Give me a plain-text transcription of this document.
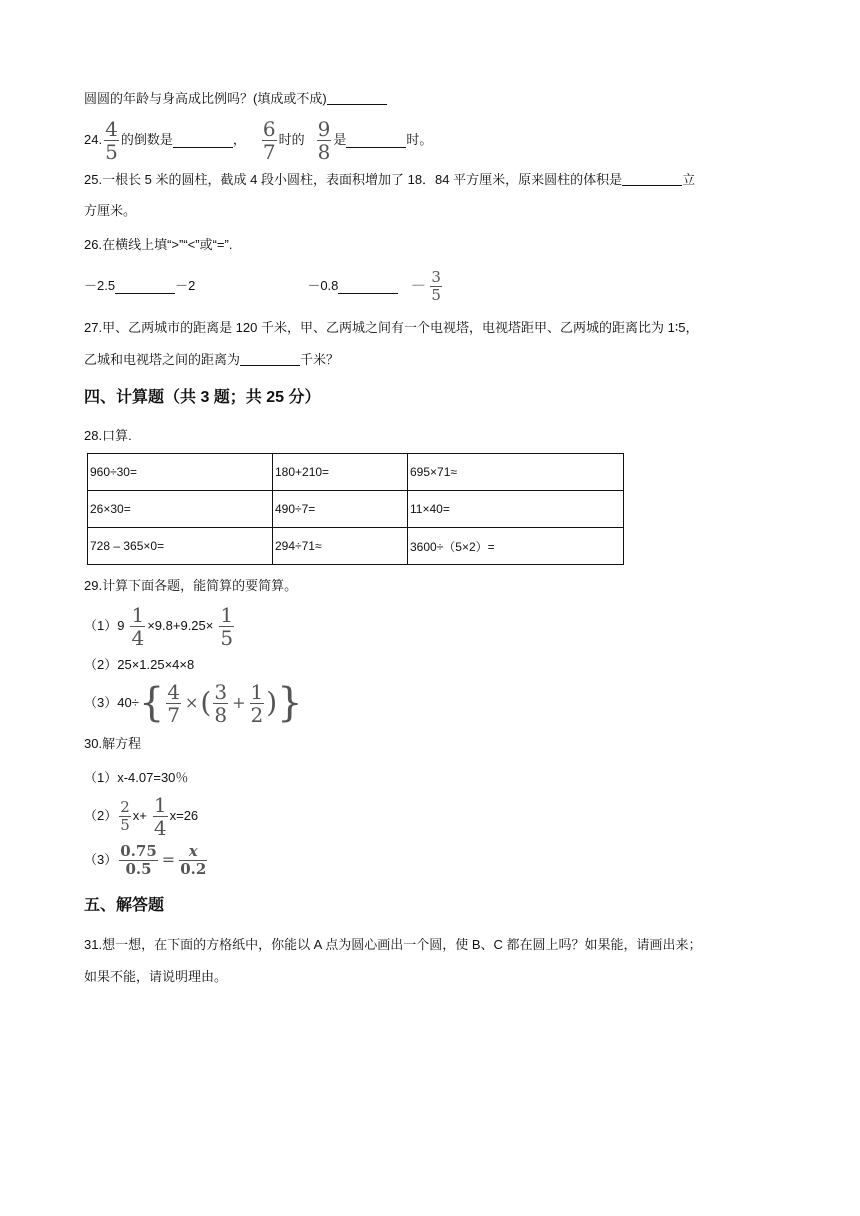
圆圆的年龄与身高成比例吗？(填成或不成)
24. $\frac{4}{5}$ 的倒数是	， $\frac{6}{7}$ 时的 $\frac{9}{8}$ 是	时。
25.一根长 5 米的圆柱，截成 4 段小圆柱，表面积增加了 18．84 平方厘米，原来圆柱的体积是	立
方厘米。
26.在横线上填“>”“<”或“=”.
－2.5	－2	－0.8	－ $\frac{3}{5}$
27.甲、乙两城市的距离是 120 千米，甲、乙两城之间有一个电视塔，电视塔距甲、乙两城的距离比为 1∶5，
乙城和电视塔之间的距离为	千米？
四、计算题（共 3 题；共 25 分）
28.口算.
960÷30=	180+210=	695×71≈
26×30=	490÷7=	11×40=
728 – 365×0=	294÷71≈	3600÷（5×2）=
29.计算下面各题，能简算的要简算。
$(1)9 \frac{1}{4} \times 9.8+9.25\times \frac{1}{5}$
（2）25×1.25×4×8
（3）40÷ { $\frac{4}{7}$ × ( $\frac{3}{8} + \frac{1}{2}$ ) }
30.解方程
（1）x-4.07=30％
$(2) \frac{2}{5} x+ \frac{1}{4} x=26$
$(3) \frac{0.75}{0.5} = \frac{x}{0.2}$
五、解答题
31.想一想，在下面的方格纸中，你能以 A 点为圆心画出一个圆，使 B、C 都在圆上吗？如果能，请画出来；
如果不能，请说明理由。
